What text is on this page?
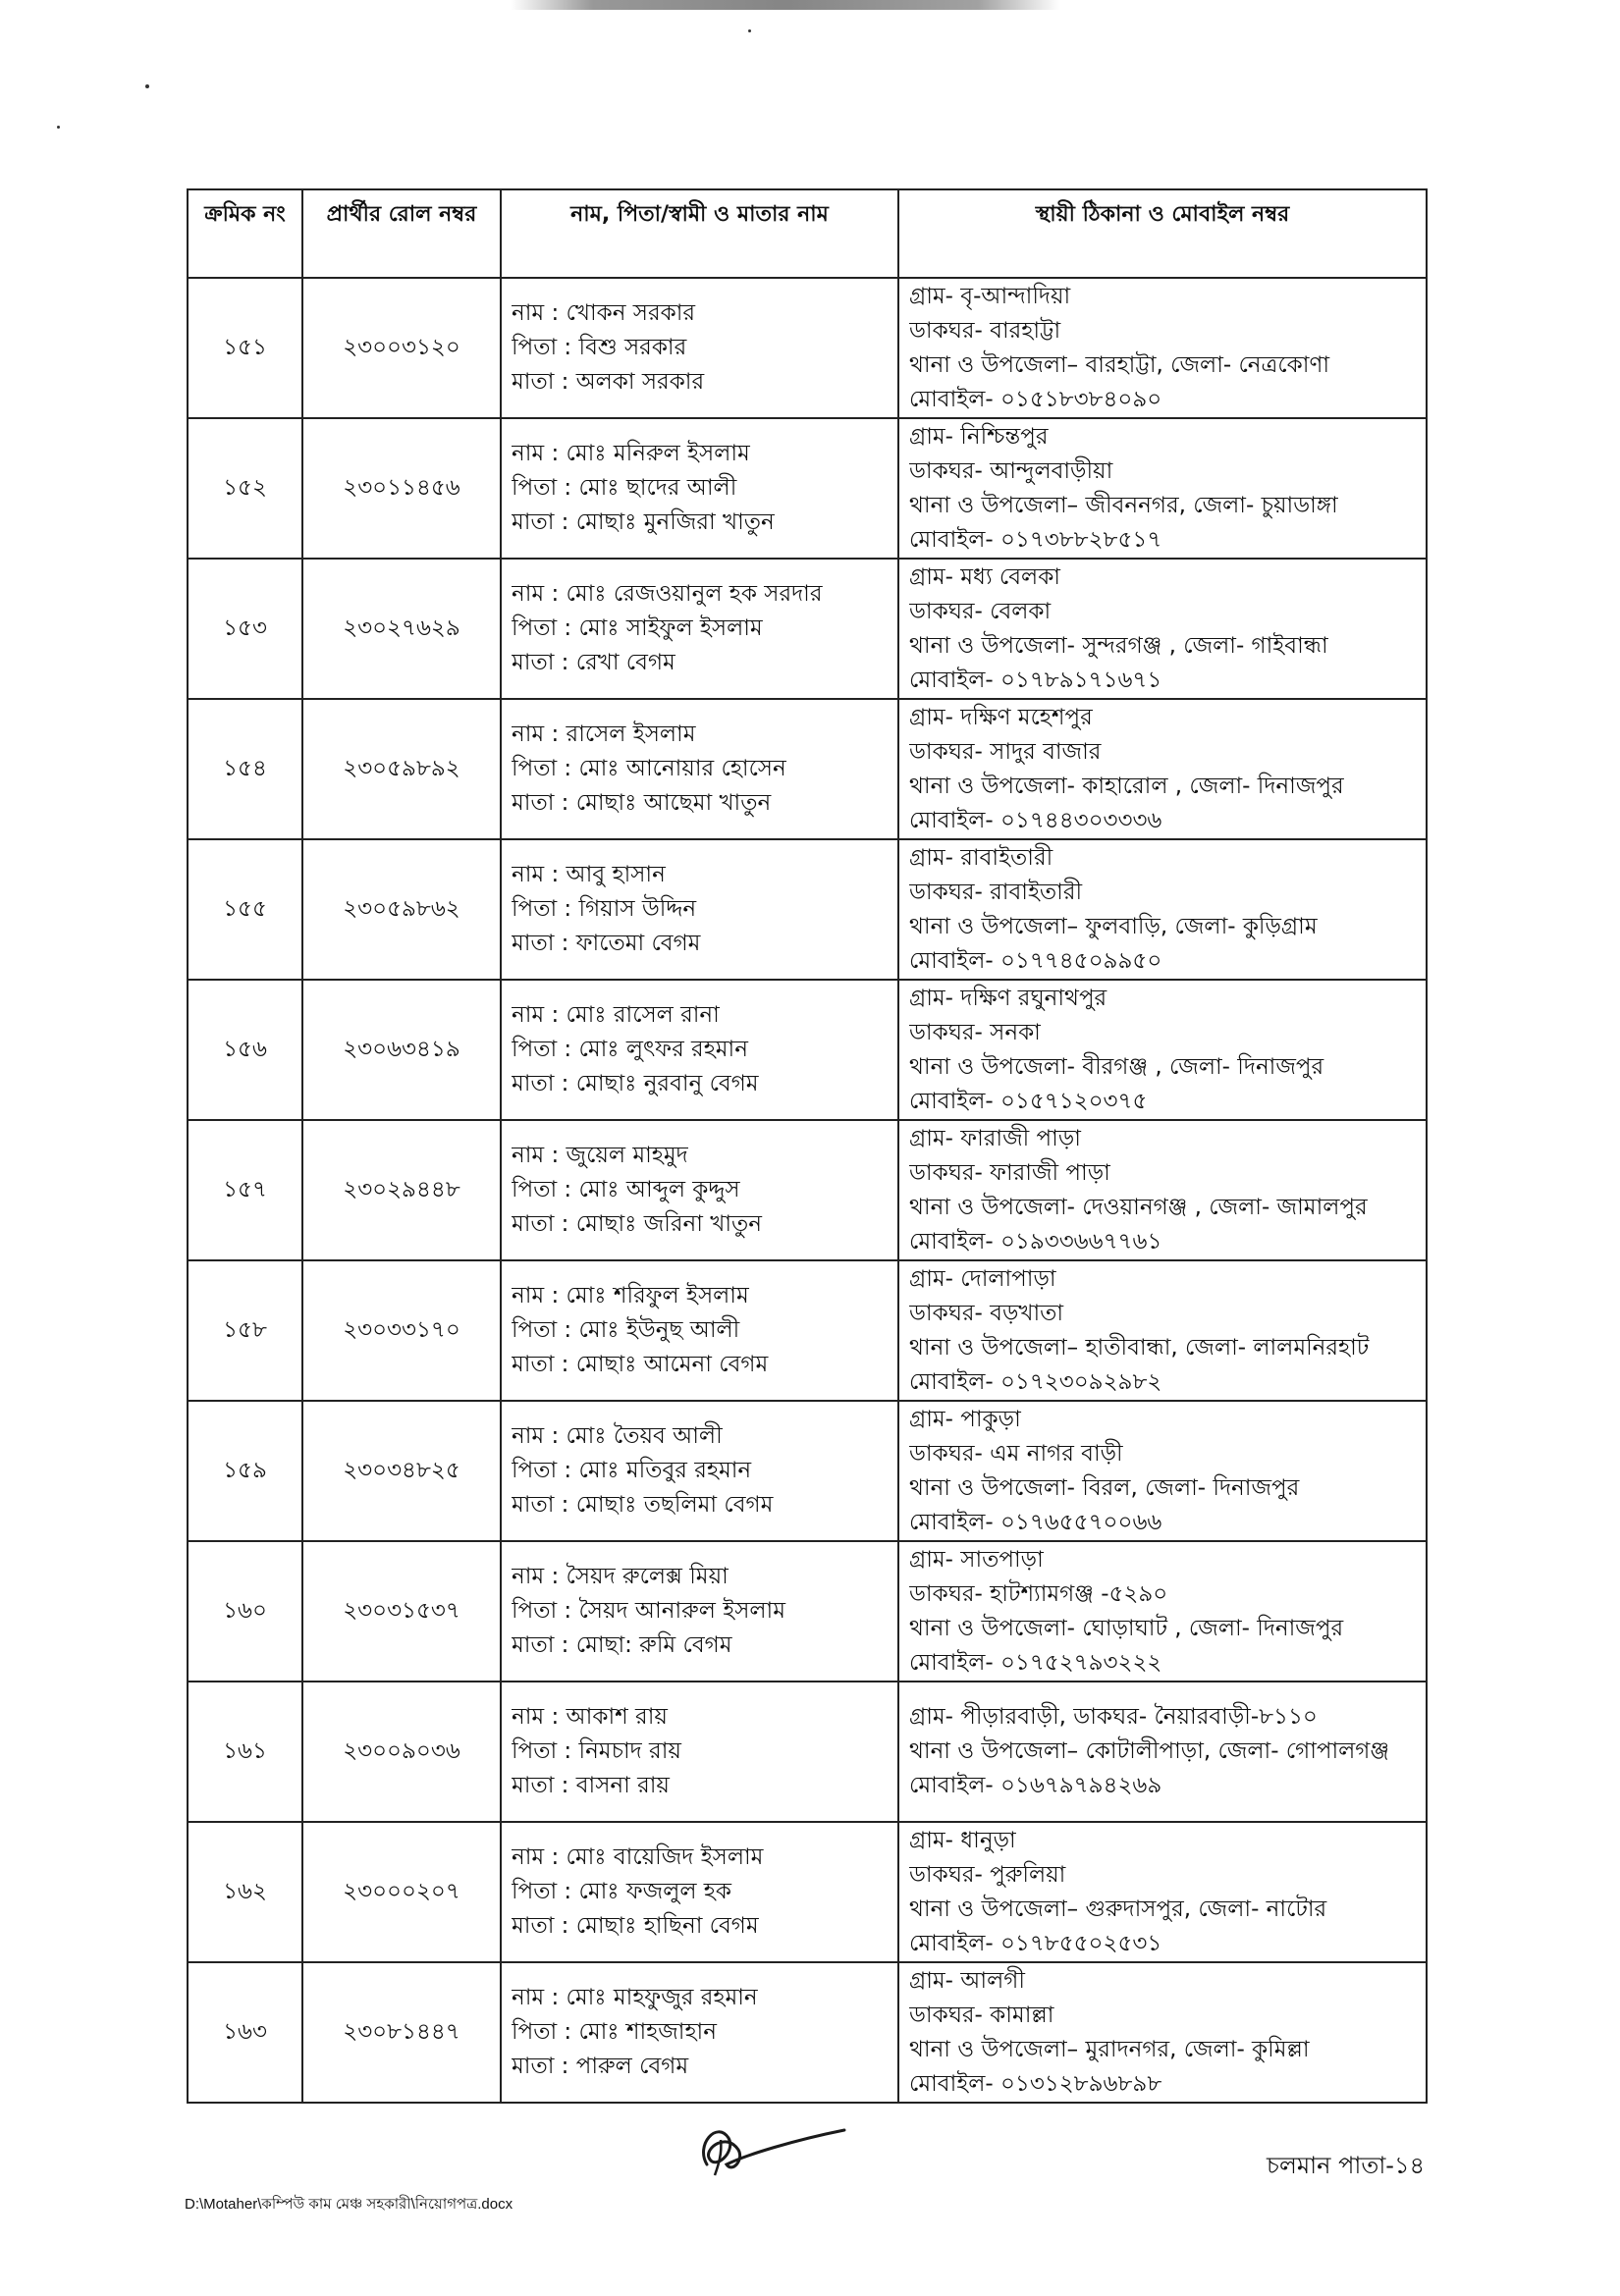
ক্রমিক নং	প্রার্থীর রোল নম্বর	নাম, পিতা/স্বামী ও মাতার নাম	স্থায়ী ঠিকানা ও মোবাইল নম্বর
১৫১	২৩০০৩১২০	নাম : খোকন সরকার
পিতা : বিশু সরকার
মাতা : অলকা সরকার	গ্রাম- বৃ-আন্দাদিয়া
ডাকঘর- বারহাট্টা
থানা ও উপজেলা– বারহাট্টা, জেলা- নেত্রকোণা
মোবাইল- ০১৫১৮৩৮৪০৯০

১৫২	২৩০১১৪৫৬	নাম : মোঃ মনিরুল ইসলাম
পিতা : মোঃ ছাদের আলী
মাতা : মোছাঃ মুনজিরা খাতুন	গ্রাম- নিশ্চিন্তপুর
ডাকঘর- আন্দুলবাড়ীয়া
থানা ও উপজেলা– জীবননগর, জেলা- চুয়াডাঙ্গা
মোবাইল- ০১৭৩৮৮২৮৫১৭

১৫৩	২৩০২৭৬২৯	নাম : মোঃ রেজওয়ানুল হক সরদার
পিতা : মোঃ সাইফুল ইসলাম
মাতা : রেখা বেগম	গ্রাম- মধ্য বেলকা
ডাকঘর- বেলকা
থানা ও উপজেলা- সুন্দরগঞ্জ , জেলা- গাইবান্ধা
মোবাইল- ০১৭৮৯১৭১৬৭১

১৫৪	২৩০৫৯৮৯২	নাম : রাসেল ইসলাম
পিতা : মোঃ আনোয়ার হোসেন
মাতা : মোছাঃ আছেমা খাতুন	গ্রাম- দক্ষিণ মহেশপুর
ডাকঘর- সাদুর বাজার
থানা ও উপজেলা- কাহারোল , জেলা- দিনাজপুর
মোবাইল- ০১৭৪৪৩০৩৩৩৬

১৫৫	২৩০৫৯৮৬২	নাম : আবু হাসান
পিতা : গিয়াস উদ্দিন
মাতা : ফাতেমা বেগম	গ্রাম- রাবাইতারী
ডাকঘর- রাবাইতারী
থানা ও উপজেলা– ফুলবাড়ি, জেলা- কুড়িগ্রাম
মোবাইল- ০১৭৭৪৫০৯৯৫০

১৫৬	২৩০৬৩৪১৯	নাম : মোঃ রাসেল রানা
পিতা : মোঃ লুৎফর রহমান
মাতা : মোছাঃ নুরবানু বেগম	গ্রাম- দক্ষিণ রঘুনাথপুর
ডাকঘর- সনকা
থানা ও উপজেলা- বীরগঞ্জ , জেলা- দিনাজপুর
মোবাইল- ০১৫৭১২০৩৭৫

১৫৭	২৩০২৯৪৪৮	নাম : জুয়েল মাহমুদ
পিতা : মোঃ আব্দুল কুদ্দুস
মাতা : মোছাঃ জরিনা খাতুন	গ্রাম- ফারাজী পাড়া
ডাকঘর- ফারাজী পাড়া
থানা ও উপজেলা- দেওয়ানগঞ্জ , জেলা- জামালপুর
মোবাইল- ০১৯৩৩৬৬৭৭৬১

১৫৮	২৩০৩৩১৭০	নাম : মোঃ শরিফুল ইসলাম
পিতা : মোঃ ইউনুছ আলী
মাতা : মোছাঃ আমেনা বেগম	গ্রাম- দোলাপাড়া
ডাকঘর- বড়খাতা
থানা ও উপজেলা– হাতীবান্ধা, জেলা- লালমনিরহাট
মোবাইল- ০১৭২৩০৯২৯৮২

১৫৯	২৩০৩৪৮২৫	নাম : মোঃ তৈয়ব আলী
পিতা : মোঃ মতিবুর রহমান
মাতা : মোছাঃ তছলিমা বেগম	গ্রাম- পাকুড়া
ডাকঘর- এম নাগর বাড়ী
থানা ও উপজেলা- বিরল, জেলা- দিনাজপুর
মোবাইল- ০১৭৬৫৫৭০০৬৬

১৬০	২৩০৩১৫৩৭	নাম : সৈয়দ রুলেক্স মিয়া
পিতা : সৈয়দ আনারুল ইসলাম
মাতা : মোছা: রুমি বেগম	গ্রাম- সাতপাড়া
ডাকঘর- হাটশ্যামগঞ্জ -৫২৯০
থানা ও উপজেলা- ঘোড়াঘাট , জেলা- দিনাজপুর
মোবাইল- ০১৭৫২৭৯৩২২২

১৬১	২৩০০৯০৩৬	নাম : আকাশ রায়
পিতা : নিমচাদ রায়
মাতা : বাসনা রায়	গ্রাম- পীড়ারবাড়ী, ডাকঘর- নৈয়ারবাড়ী-৮১১০
থানা ও উপজেলা– কোটালীপাড়া, জেলা- গোপালগঞ্জ
মোবাইল- ০১৬৭৯৭৯৪২৬৯

১৬২	২৩০০০২০৭	নাম : মোঃ বায়েজিদ ইসলাম
পিতা : মোঃ ফজলুল হক
মাতা : মোছাঃ হাছিনা বেগম	গ্রাম- ধানুড়া
ডাকঘর- পুরুলিয়া
থানা ও উপজেলা– গুরুদাসপুর, জেলা- নাটোর
মোবাইল- ০১৭৮৫৫০২৫৩১

১৬৩	২৩০৮১৪৪৭	নাম : মোঃ মাহফুজুর রহমান
পিতা : মোঃ শাহজাহান
মাতা : পারুল বেগম	গ্রাম- আলগী
ডাকঘর- কামাল্লা
থানা ও উপজেলা– মুরাদনগর, জেলা- কুমিল্লা
মোবাইল- ০১৩১২৮৯৬৮৯৮
চলমান পাতা-১৪
D:\Motaher\কম্পিউ কাম মেঞ্চ সহকারী\নিয়োগপত্র.docx
